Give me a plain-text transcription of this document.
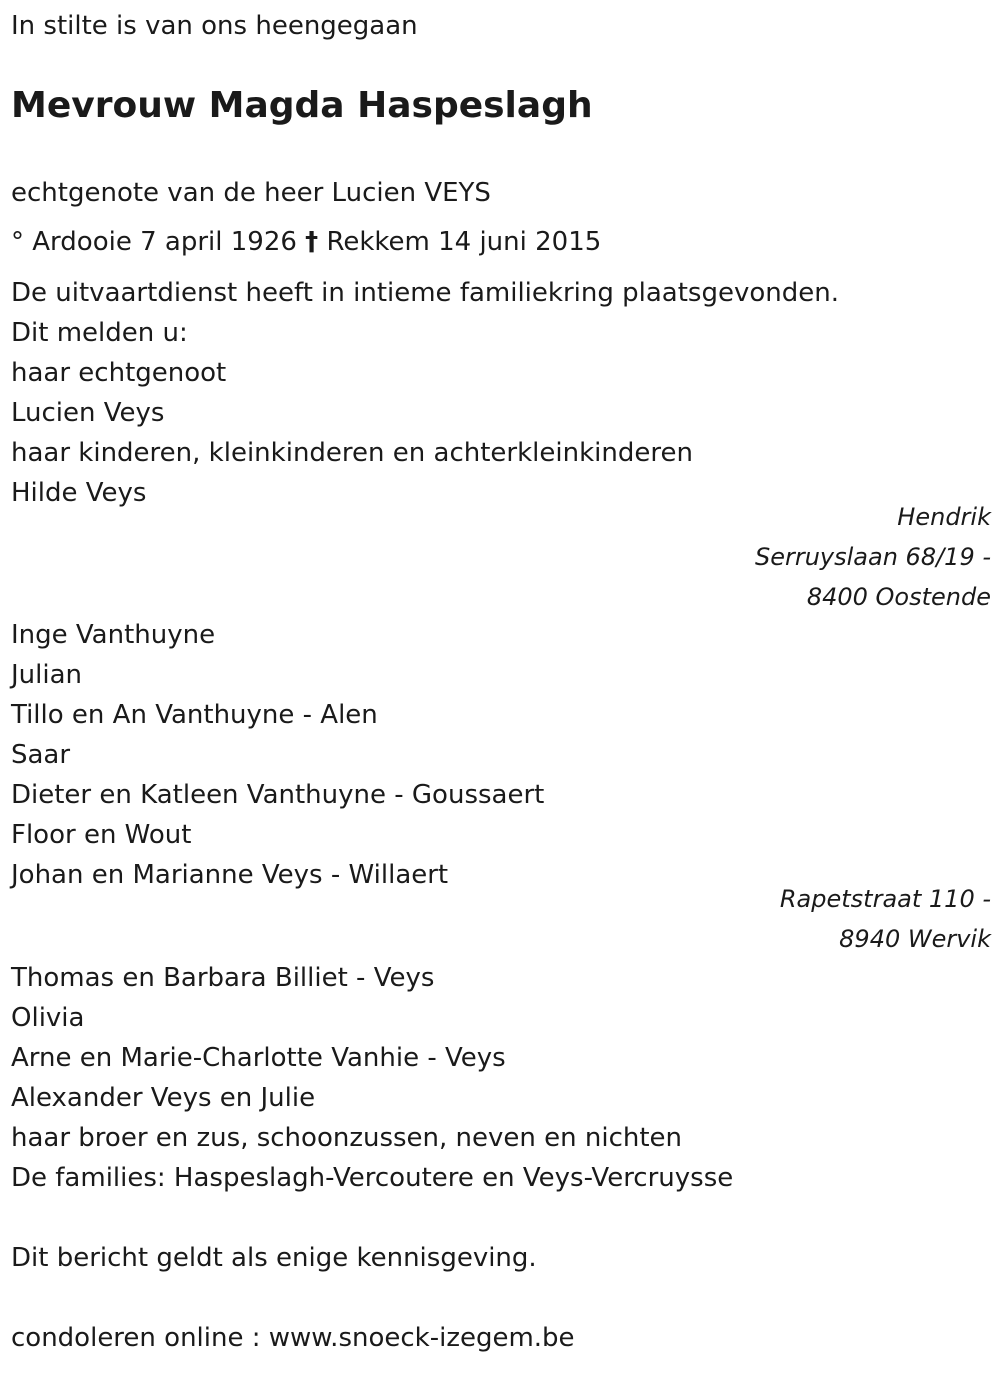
In stilte is van ons heengegaan
Mevrouw Magda Haspeslagh
echtgenote van de heer Lucien VEYS
° Ardooie 7 april 1926 † Rekkem 14 juni 2015
De uitvaartdienst heeft in intieme familiekring plaatsgevonden.
Dit melden u:
haar echtgenoot
Lucien Veys
haar kinderen, kleinkinderen en achterkleinkinderen
Hilde Veys
Hendrik
Serruyslaan 68/19 -
8400 Oostende
Inge Vanthuyne
Julian
Tillo en An Vanthuyne - Alen
Saar
Dieter en Katleen Vanthuyne - Goussaert
Floor en Wout
Johan en Marianne Veys - Willaert
Rapetstraat 110 -
8940 Wervik
Thomas en Barbara Billiet - Veys
Olivia
Arne en Marie-Charlotte Vanhie - Veys
Alexander Veys en Julie
haar broer en zus, schoonzussen, neven en nichten
De families: Haspeslagh-Vercoutere en Veys-Vercruysse
Dit bericht geldt als enige kennisgeving.
condoleren online : www.snoeck-izegem.be
